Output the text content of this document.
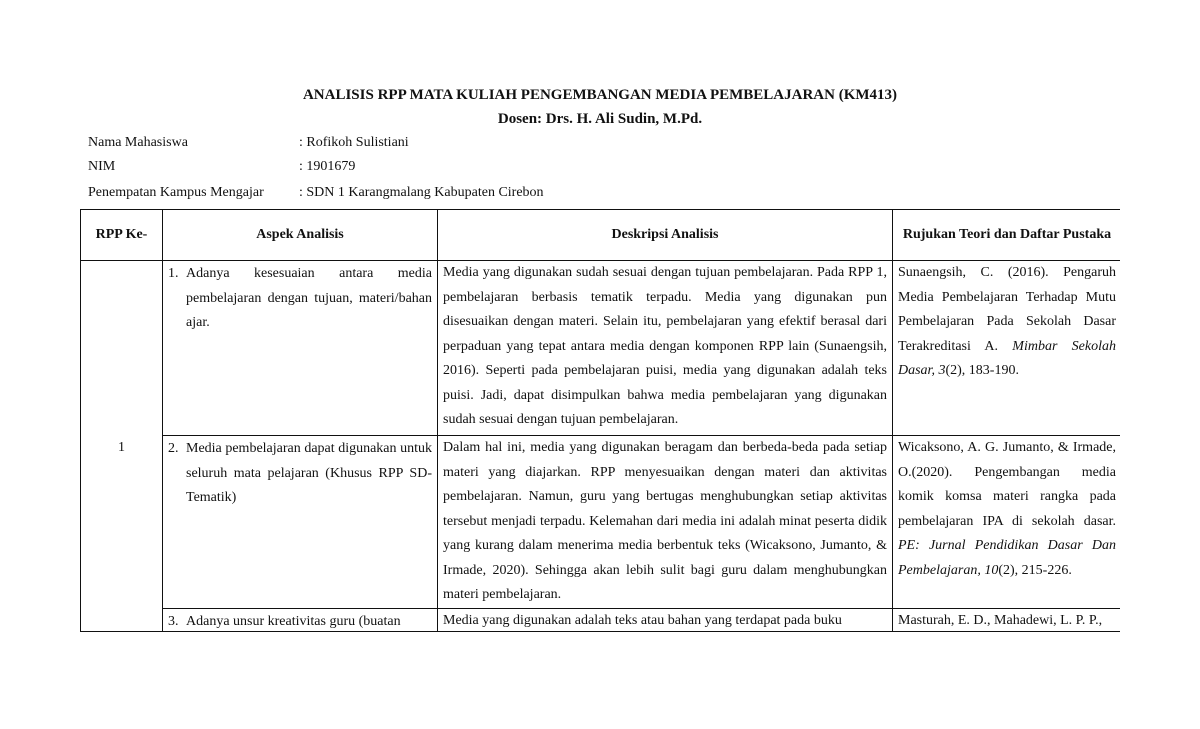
ANALISIS RPP MATA KULIAH PENGEMBANGAN MEDIA PEMBELAJARAN (KM413)
Dosen: Drs. H. Ali Sudin, M.Pd.
Nama Mahasiswa	: Rofikoh Sulistiani
NIM	: 1901679
Penempatan Kampus Mengajar	: SDN 1 Karangmalang Kabupaten Cirebon
RPP Ke-	Aspek Analisis	Deskripsi Analisis	Rujukan Teori dan Daftar Pustaka
1	1. Adanya kesesuaian antara media pembelajaran dengan tujuan, materi/bahan ajar.	Media yang digunakan sudah sesuai dengan tujuan pembelajaran. Pada RPP 1, pembelajaran berbasis tematik terpadu. Media yang digunakan pun disesuaikan dengan materi. Selain itu, pembelajaran yang efektif berasal dari perpaduan yang tepat antara media dengan komponen RPP lain (Sunaengsih, 2016). Seperti pada pembelajaran puisi, media yang digunakan adalah teks puisi. Jadi, dapat disimpulkan bahwa media pembelajaran yang digunakan sudah sesuai dengan tujuan pembelajaran.	Sunaengsih, C. (2016). Pengaruh Media Pembelajaran Terhadap Mutu Pembelajaran Pada Sekolah Dasar Terakreditasi A. Mimbar Sekolah Dasar, 3(2), 183-190.

	2. Media pembelajaran dapat digunakan untuk seluruh mata pelajaran (Khusus RPP SD-Tematik)	Dalam hal ini, media yang digunakan beragam dan berbeda-beda pada setiap materi yang diajarkan. RPP menyesuaikan dengan materi dan aktivitas pembelajaran. Namun, guru yang bertugas menghubungkan setiap aktivitas tersebut menjadi terpadu. Kelemahan dari media ini adalah minat peserta didik yang kurang dalam menerima media berbentuk teks (Wicaksono, Jumanto, & Irmade, 2020). Sehingga akan lebih sulit bagi guru dalam menghubungkan materi pembelajaran.	Wicaksono, A. G. Jumanto, & Irmade, O.(2020). Pengembangan media komik komsa materi rangka pada pembelajaran IPA di sekolah dasar. PE: Jurnal Pendidikan Dasar Dan Pembelajaran, 10(2), 215-226.

	3. Adanya unsur kreativitas guru (buatan	Media yang digunakan adalah teks atau bahan yang terdapat pada buku	Masturah, E. D., Mahadewi, L. P. P.,
